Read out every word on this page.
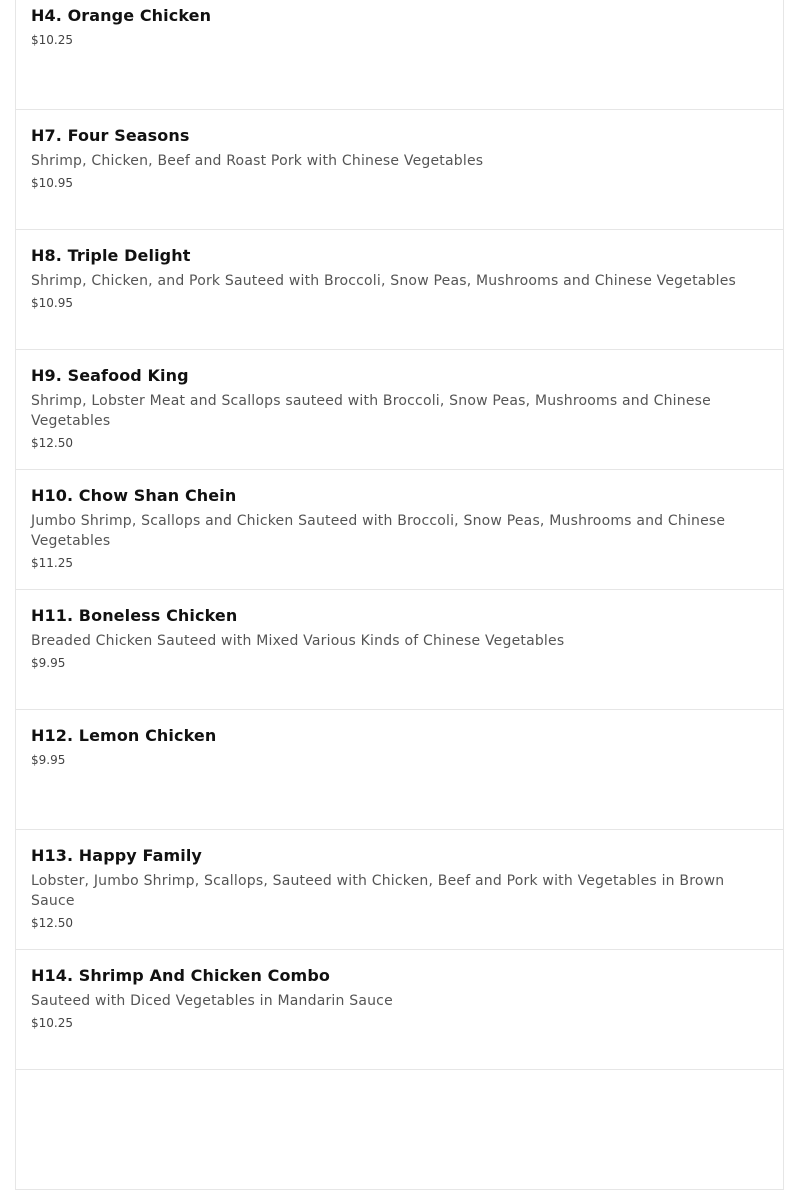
H4. Orange Chicken

$10.25

H7. Four Seasons

Shrimp, Chicken, Beef and Roast Pork with Chinese Vegetables

$10.95

H8. Triple Delight

Shrimp, Chicken, and Pork Sauteed with Broccoli, Snow Peas, Mushrooms and Chinese Vegetables

$10.95

H9. Seafood King

Shrimp, Lobster Meat and Scallops sauteed with Broccoli, Snow Peas, Mushrooms and Chinese Vegetables

$12.50

H10. Chow Shan Chein

Jumbo Shrimp, Scallops and Chicken Sauteed with Broccoli, Snow Peas, Mushrooms and Chinese Vegetables

$11.25

H11. Boneless Chicken

Breaded Chicken Sauteed with Mixed Various Kinds of Chinese Vegetables

$9.95

H12. Lemon Chicken

$9.95

H13. Happy Family

Lobster, Jumbo Shrimp, Scallops, Sauteed with Chicken, Beef and Pork with Vegetables in Brown Sauce

$12.50

H14. Shrimp And Chicken Combo

Sauteed with Diced Vegetables in Mandarin Sauce

$10.25
